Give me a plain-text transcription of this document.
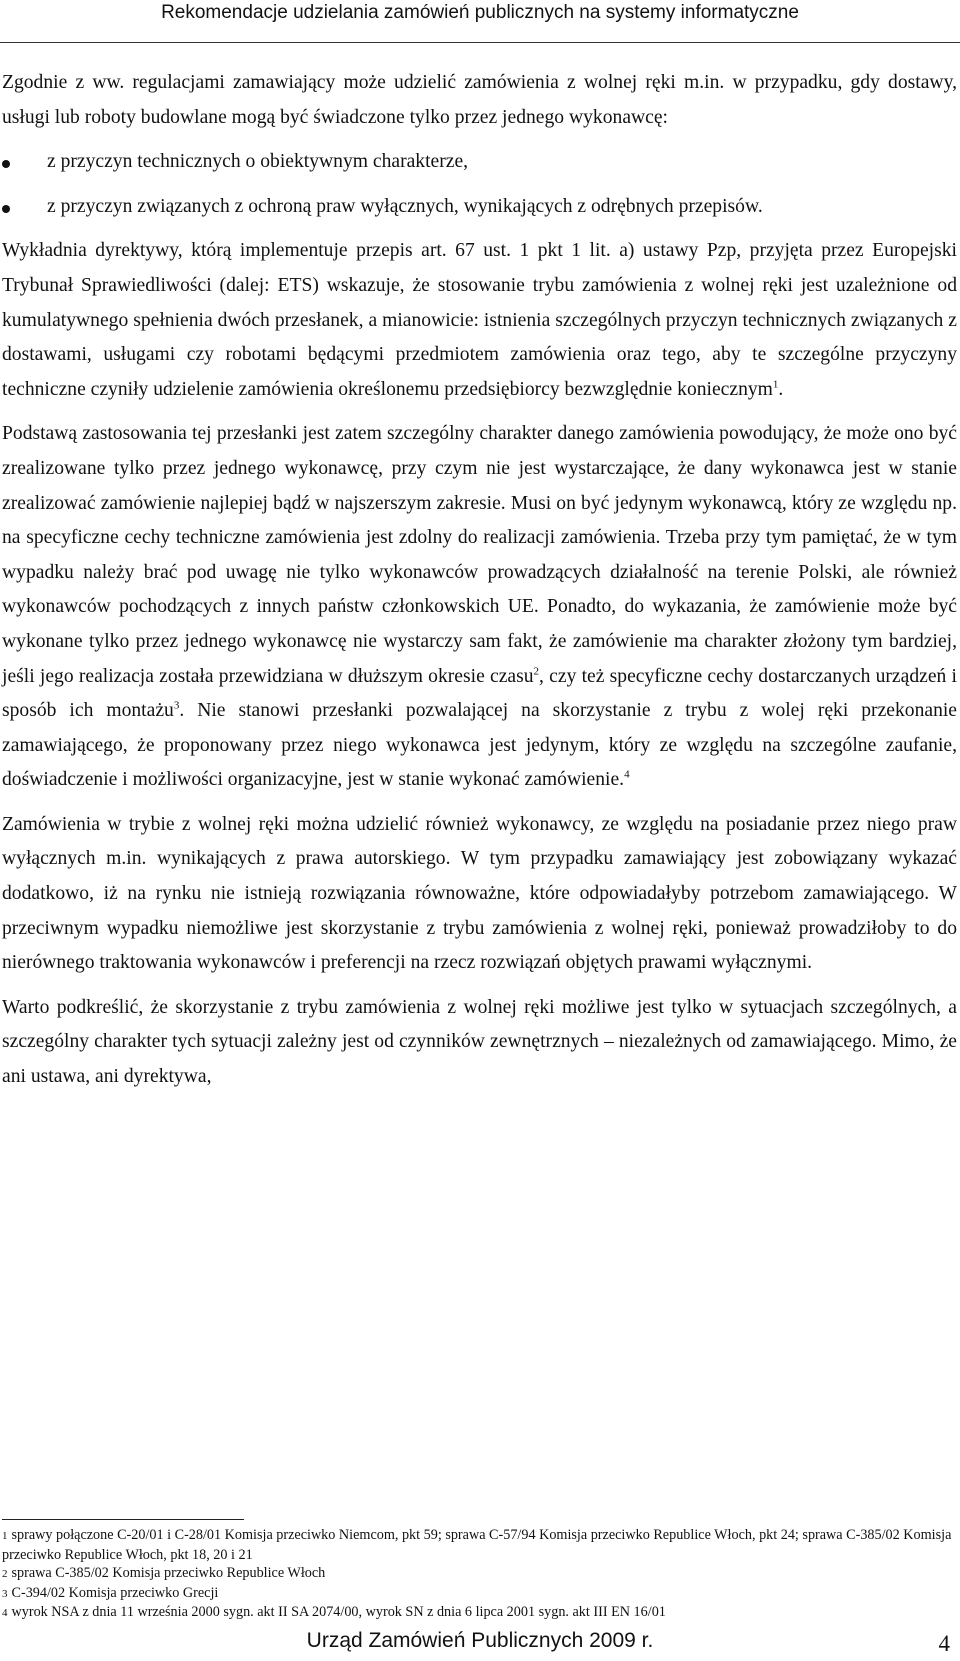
Rekomendacje udzielania zamówień publicznych na systemy informatyczne

Zgodnie z ww. regulacjami zamawiający może udzielić zamówienia z wolnej ręki m.in. w przypadku, gdy dostawy, usługi lub roboty budowlane mogą być świadczone tylko przez jednego wykonawcę:

z przyczyn technicznych o obiektywnym charakterze,
z przyczyn związanych z ochroną praw wyłącznych, wynikających z odrębnych przepisów.

Wykładnia dyrektywy, którą implementuje przepis art. 67 ust. 1 pkt 1 lit. a) ustawy Pzp, przyjęta przez Europejski Trybunał Sprawiedliwości (dalej: ETS) wskazuje, że stosowanie trybu zamówienia z wolnej ręki jest uzależnione od kumulatywnego spełnienia dwóch przesłanek, a mianowicie: istnienia szczególnych przyczyn technicznych związanych z dostawami, usługami czy robotami będącymi przedmiotem zamówienia oraz tego, aby te szczególne przyczyny techniczne czyniły udzielenie zamówienia określonemu przedsiębiorcy bezwzględnie koniecznym$^1$.

Podstawą zastosowania tej przesłanki jest zatem szczególny charakter danego zamówienia powodujący, że może ono być zrealizowane tylko przez jednego wykonawcę, przy czym nie jest wystarczające, że dany wykonawca jest w stanie zrealizować zamówienie najlepiej bądź w najszerszym zakresie. Musi on być jedynym wykonawcą, który ze względu np. na specyficzne cechy techniczne zamówienia jest zdolny do realizacji zamówienia. Trzeba przy tym pamiętać, że w tym wypadku należy brać pod uwagę nie tylko wykonawców prowadzących działalność na terenie Polski, ale również wykonawców pochodzących z innych państw członkowskich UE. Ponadto, do wykazania, że zamówienie może być wykonane tylko przez jednego wykonawcę nie wystarczy sam fakt, że zamówienie ma charakter złożony tym bardziej, jeśli jego realizacja została przewidziana w dłuższym okresie czasu$^2$, czy też specyficzne cechy dostarczanych urządzeń i sposób ich montażu$^3$. Nie stanowi przesłanki pozwalającej na skorzystanie z trybu z wolej ręki przekonanie zamawiającego, że proponowany przez niego wykonawca jest jedynym, który ze względu na szczególne zaufanie, doświadczenie i możliwości organizacyjne, jest w stanie wykonać zamówienie.$^4$

Zamówienia w trybie z wolnej ręki można udzielić również wykonawcy, ze względu na posiadanie przez niego praw wyłącznych m.in. wynikających z prawa autorskiego. W tym przypadku zamawiający jest zobowiązany wykazać dodatkowo, iż na rynku nie istnieją rozwiązania równoważne, które odpowiadałyby potrzebom zamawiającego. W przeciwnym wypadku niemożliwe jest skorzystanie z trybu zamówienia z wolnej ręki, ponieważ prowadziłoby to do nierównego traktowania wykonawców i preferencji na rzecz rozwiązań objętych prawami wyłącznymi.

Warto podkreślić, że skorzystanie z trybu zamówienia z wolnej ręki możliwe jest tylko w sytuacjach szczególnych, a szczególny charakter tych sytuacji zależny jest od czynników zewnętrznych – niezależnych od zamawiającego. Mimo, że ani ustawa, ani dyrektywa,

1 sprawy połączone C-20/01 i C-28/01 Komisja przeciwko Niemcom, pkt 59; sprawa C-57/94 Komisja przeciwko Republice Włoch, pkt 24; sprawa C-385/02 Komisja przeciwko Republice Włoch, pkt 18, 20 i 21
2 sprawa C-385/02 Komisja przeciwko Republice Włoch
3 C-394/02 Komisja przeciwko Grecji
4 wyrok NSA z dnia 11 września 2000 sygn. akt II SA 2074/00, wyrok SN z dnia 6 lipca 2001 sygn. akt III EN 16/01
Urząd Zamówień Publicznych 2009 r.	4
